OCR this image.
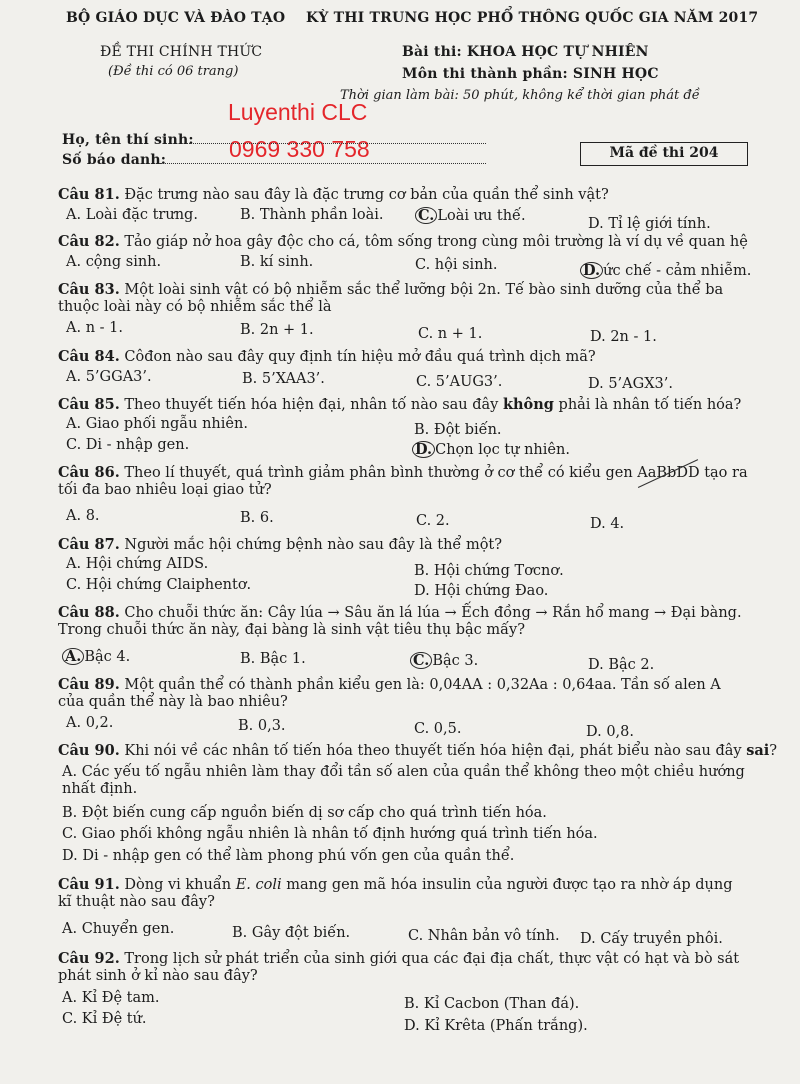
BỘ GIÁO DỤC VÀ ĐÀO TẠO KỲ THI TRUNG HỌC PHỔ THÔNG QUỐC GIA NĂM 2017
ĐỀ THI CHÍNH THỨC
(Đề thi có 06 trang)
Bài thi: KHOA HỌC TỰ NHIÊN
Môn thi thành phần: SINH HỌC
Thời gian làm bài: 50 phút, không kể thời gian phát đề
Luyenthi CLC
0969 330 758
Họ, tên thí sinh:
Số báo danh:	Mã đề thi 204
Câu 81. Đặc trưng nào sau đây là đặc trưng cơ bản của quần thể sinh vật?
A. Loài đặc trưng.	B. Thành phần loài. C. Loài ưu thế.	D. Tỉ lệ giới tính.
Câu 82. Tảo giáp nở hoa gây độc cho cá, tôm sống trong cùng môi trường là ví dụ về quan hệ
A. cộng sinh.	B. kí sinh.	C. hội sinh.	D. ức chế - cảm nhiễm.
Câu 83. Một loài sinh vật có bộ nhiễm sắc thể lưỡng bội 2n. Tế bào sinh dưỡng của thể ba thuộc loài này có bộ nhiễm sắc thể là
A. n - 1.	B. 2n + 1.	C. n + 1.	D. 2n - 1.
Câu 84. Côđon nào sau đây quy định tín hiệu mở đầu quá trình dịch mã?
A. 5’GGA3’.	B. 5’XAA3’.	C. 5’AUG3’.	D. 5’AGX3’.
Câu 85. Theo thuyết tiến hóa hiện đại, nhân tố nào sau đây không phải là nhân tố tiến hóa?
A. Giao phối ngẫu nhiên.	B. Đột biến.
C. Di - nhập gen.	D. Chọn lọc tự nhiên.
Câu 86. Theo lí thuyết, quá trình giảm phân bình thường ở cơ thể có kiểu gen AaBbDD tạo ra tối đa bao nhiêu loại giao tử?
A. 8.	B. 6.	C. 2.	D. 4.
Câu 87. Người mắc hội chứng bệnh nào sau đây là thể một?
A. Hội chứng AIDS.	B. Hội chứng Tơcnơ.
C. Hội chứng Claiphentơ.	D. Hội chứng Đao.
Câu 88. Cho chuỗi thức ăn: Cây lúa → Sâu ăn lá lúa → Ếch đồng → Rắn hổ mang → Đại bàng. Trong chuỗi thức ăn này, đại bàng là sinh vật tiêu thụ bậc mấy?
A. Bậc 4.	B. Bậc 1.	C. Bậc 3.	D. Bậc 2.
Câu 89. Một quần thể có thành phần kiểu gen là: 0,04AA : 0,32Aa : 0,64aa. Tần số alen A của quần thể này là bao nhiêu?
A. 0,2.	B. 0,3.	C. 0,5.	D. 0,8.
Câu 90. Khi nói về các nhân tố tiến hóa theo thuyết tiến hóa hiện đại, phát biểu nào sau đây sai?
A. Các yếu tố ngẫu nhiên làm thay đổi tần số alen của quần thể không theo một chiều hướng nhất định.
B. Đột biến cung cấp nguồn biến dị sơ cấp cho quá trình tiến hóa.
C. Giao phối không ngẫu nhiên là nhân tố định hướng quá trình tiến hóa.
D. Di - nhập gen có thể làm phong phú vốn gen của quần thể.
Câu 91. Dòng vi khuẩn E. coli mang gen mã hóa insulin của người được tạo ra nhờ áp dụng kĩ thuật nào sau đây?
A. Chuyển gen.	B. Gây đột biến.	C. Nhân bản vô tính. D. Cấy truyền phôi.
Câu 92. Trong lịch sử phát triển của sinh giới qua các đại địa chất, thực vật có hạt và bò sát phát sinh ở kỉ nào sau đây?
A. Kỉ Đệ tam.	B. Kỉ Cacbon (Than đá).
C. Kỉ Đệ tứ.	D. Kỉ Krêta (Phấn trắng).
